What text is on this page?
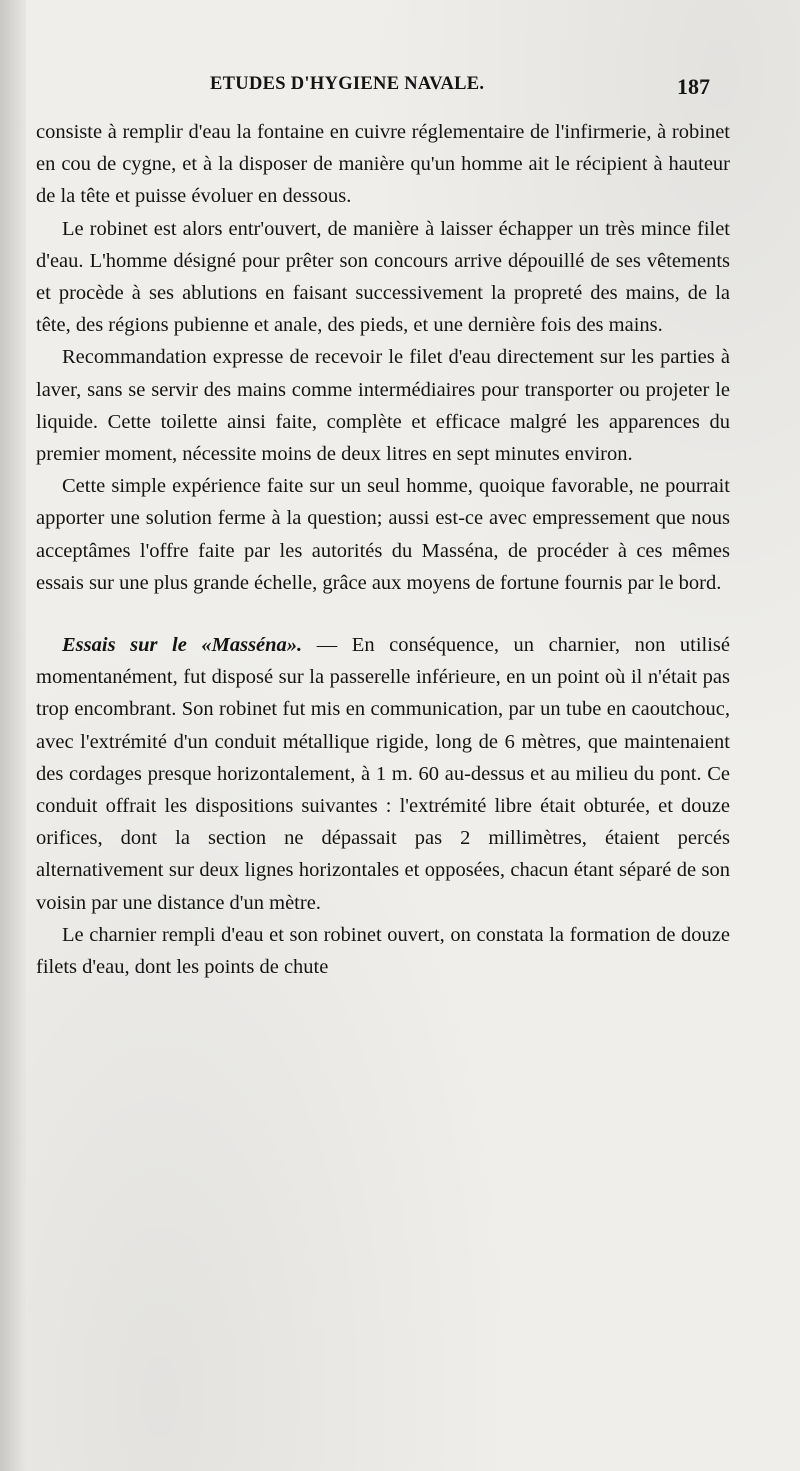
ETUDES D'HYGIENE NAVALE.	187

consiste à remplir d'eau la fontaine en cuivre réglementaire de l'infirmerie, à robinet en cou de cygne, et à la disposer de manière qu'un homme ait le récipient à hauteur de la tête et puisse évoluer en dessous.

Le robinet est alors entr'ouvert, de manière à laisser échapper un très mince filet d'eau. L'homme désigné pour prêter son concours arrive dépouillé de ses vêtements et procède à ses ablutions en faisant successivement la propreté des mains, de la tête, des régions pubienne et anale, des pieds, et une dernière fois des mains.

Recommandation expresse de recevoir le filet d'eau directement sur les parties à laver, sans se servir des mains comme intermédiaires pour transporter ou projeter le liquide. Cette toilette ainsi faite, complète et efficace malgré les apparences du premier moment, nécessite moins de deux litres en sept minutes environ.

Cette simple expérience faite sur un seul homme, quoique favorable, ne pourrait apporter une solution ferme à la question; aussi est-ce avec empressement que nous acceptâmes l'offre faite par les autorités du Masséna, de procéder à ces mêmes essais sur une plus grande échelle, grâce aux moyens de fortune fournis par le bord.

Essais sur le «Masséna». — En conséquence, un charnier, non utilisé momentanément, fut disposé sur la passerelle inférieure, en un point où il n'était pas trop encombrant. Son robinet fut mis en communication, par un tube en caoutchouc, avec l'extrémité d'un conduit métallique rigide, long de 6 mètres, que maintenaient des cordages presque horizontalement, à 1 m. 60 au-dessus et au milieu du pont. Ce conduit offrait les dispositions suivantes : l'extrémité libre était obturée, et douze orifices, dont la section ne dépassait pas 2 millimètres, étaient percés alternativement sur deux lignes horizontales et opposées, chacun étant séparé de son voisin par une distance d'un mètre.

Le charnier rempli d'eau et son robinet ouvert, on constata la formation de douze filets d'eau, dont les points de chute
